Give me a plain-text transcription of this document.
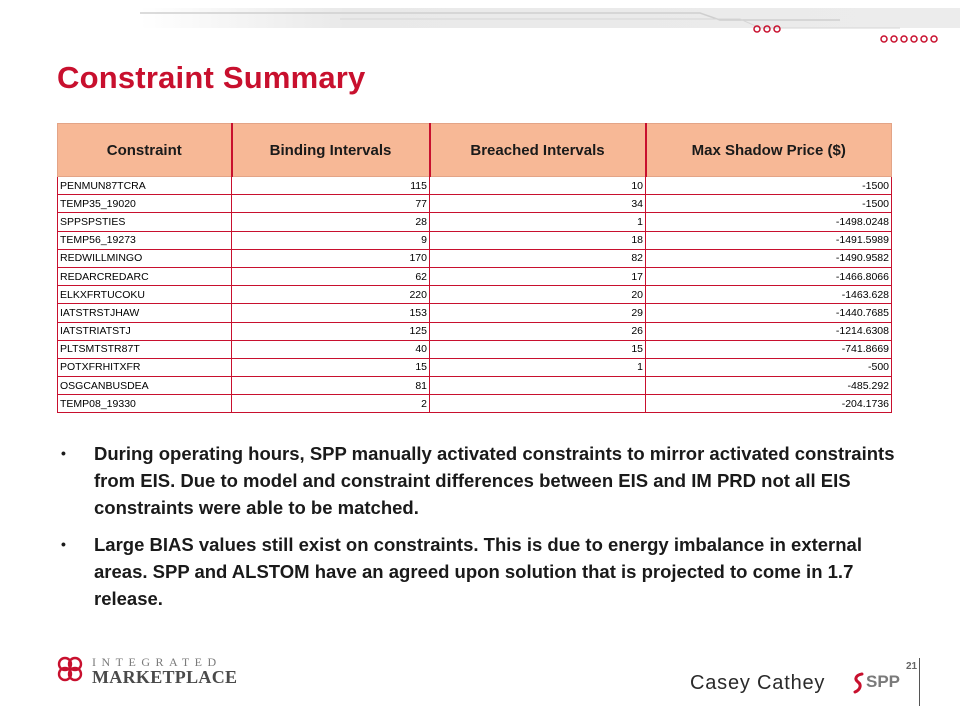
Constraint Summary
Constraint	Binding Intervals	Breached Intervals	Max Shadow Price ($)
PENMUN87TCRA	115	10	-1500
TEMP35_19020	77	34	-1500
SPPSPSTIES	28	1	-1498.0248
TEMP56_19273	9	18	-1491.5989
REDWILLMINGO	170	82	-1490.9582
REDARCREDARC	62	17	-1466.8066
ELKXFRTUCOKU	220	20	-1463.628
IATSTRSTJHAW	153	29	-1440.7685
IATSTRIATSTJ	125	26	-1214.6308
PLTSMTSTR87T	40	15	-741.8669
POTXFRHITXFR	15	1	-500
OSGCANBUSDEA	81		-485.292
TEMP08_19330	2		-204.1736
• During operating hours, SPP manually activated constraints to mirror activated constraints from EIS. Due to model and constraint differences between EIS and IM PRD not all EIS constraints were able to be matched.
• Large BIAS values still exist on constraints. This is due to energy imbalance in external areas. SPP and ALSTOM have an agreed upon solution that is projected to come in 1.7 release.
INTEGRATED
MARKETPLACE	Casey Cathey SPP
21
